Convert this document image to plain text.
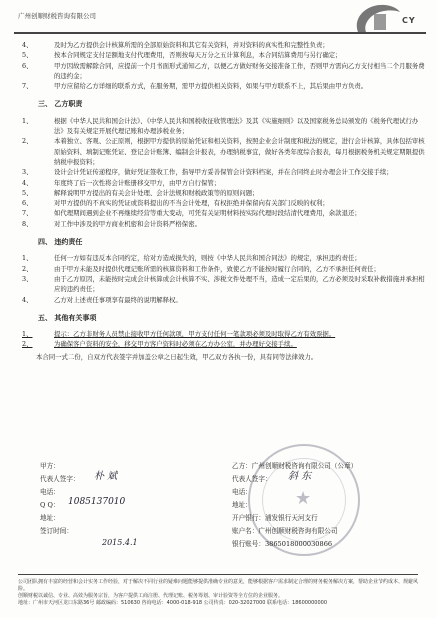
广州创顺财税咨询有限公司	CY
4、	及时为乙方提供会计核算所需的全部原始资料和其它有关资料，并对资料的真实性和完整性负责；
5、	按本合同规定支付足额地支付代理费用，否则按每天万分之五计算利息，本合同结算费用与另行确定；
6、	甲方因故需解除合同，应提前一个月书面形式通知乙方，以便乙方做好财务交接准备工作，否则甲方需向乙方支付相当二个月服务费的违约金；
7、	甲方应留给乙方详细的联系方式，在服务期，需甲方提供相关资料，如果与甲方联系不上，其后果由甲方负责。
三、 乙方职责
1、	根据《中华人民共和国会计法》、《中华人民共和国税收征收管理法》及其《实施细则》以及国家税务总局颁发的《税务代理试行办法》及有关规定开展代理记账和办理涉税业务；
2、	本着独立、客观、公正原则，根据甲方提供的原始凭证和相关资料，按照企业会计制度和税法的规定，进行会计核算，具体包括审核原始资料、填制记账凭证、登记会计账簿、编制会计报表，办理纳税事宜，做好各类年度综合报表，每月根据税务机关规定期限提供纳税申报资料；
3、	设计会计凭证传递程序，做好凭证签收工作，指导甲方妥善保管会计资料档案，并在合同终止时办理会计工作交接手续；
4、	年度终了后一次性将会计账册移交甲方，由甲方自行保管；
5、	解释说明甲方提出的有关会计处理、会计法规和财税政策等的原则问题；
6、	对甲方提供的不真实的凭证或资料提出的不当会计处理，有权拒绝并保留向有关部门反映的权利；
7、	如代理期间遇到企业不再继续经营等重大变动，可凭有关证明材料按实际代理时段结清代理费用，余款退还；
8、	对工作中涉及的甲方商业机密和会计资料严格保密。
四、 违约责任
1、	任何一方如有违反本合同约定，给对方造成损失的，则按《中华人民共和国合同法》的规定，承担违约责任；
2、	由于甲方未能及时提供代理记账所需的核算资料和工作条件，致使乙方不能按时履行合同的，乙方不承担任何责任；
3、	由于乙方原因，未能按时完成会计核算或会计核算不实、涉税文件处理不当，造成一定后果的，乙方必须及时采取补救措施并承担相应的违约责任；
4、	乙方对上述责任事项享有最终的说明解释权。
五、 其他有关事项
1、	提示：乙方非财务人员禁止接收甲方任何款项，甲方支付任何一笔款项必须及时取得乙方有效票据。
2、	为确保客户资料的安全，移交甲方客户资料时必须在乙方办公室，并办理好交接手续。
本合同一式二份，自双方代表签字并加盖公章之日起生效，甲乙双方各执一份，具有同等法律效力。
甲方：
代表人签字： 朴 斌
电话：
Q Q： 1085137010
地址：
签订时间：
2015.4.1
★
乙方：广州创顺财税咨询有限公司（公章）
代表人签字： 斜 东
电话：
地址：
开户银行：浦发银行天河支行
账户名：广州创顺财税咨询有限公司
银行账号：3865018000030866
公司团队拥有丰富的经营和会计实务工作经验，对于解决不同行业的疑难问题能够提供准确专业的意见，能够根据客户需求制定合理的财务税务解决方案，帮助企业节约成本、规避风险。
创顺财税以诚信、专业、高效为服务宗旨，为客户提供工商注册、代理记账、税务筹划、审计验资等全方位的企业服务。
地址：广州市天河区龙口东路36号 邮政编码：510630 咨询电话：4000-018-918 公司传真：020-32027000 联系电话：18600000000
